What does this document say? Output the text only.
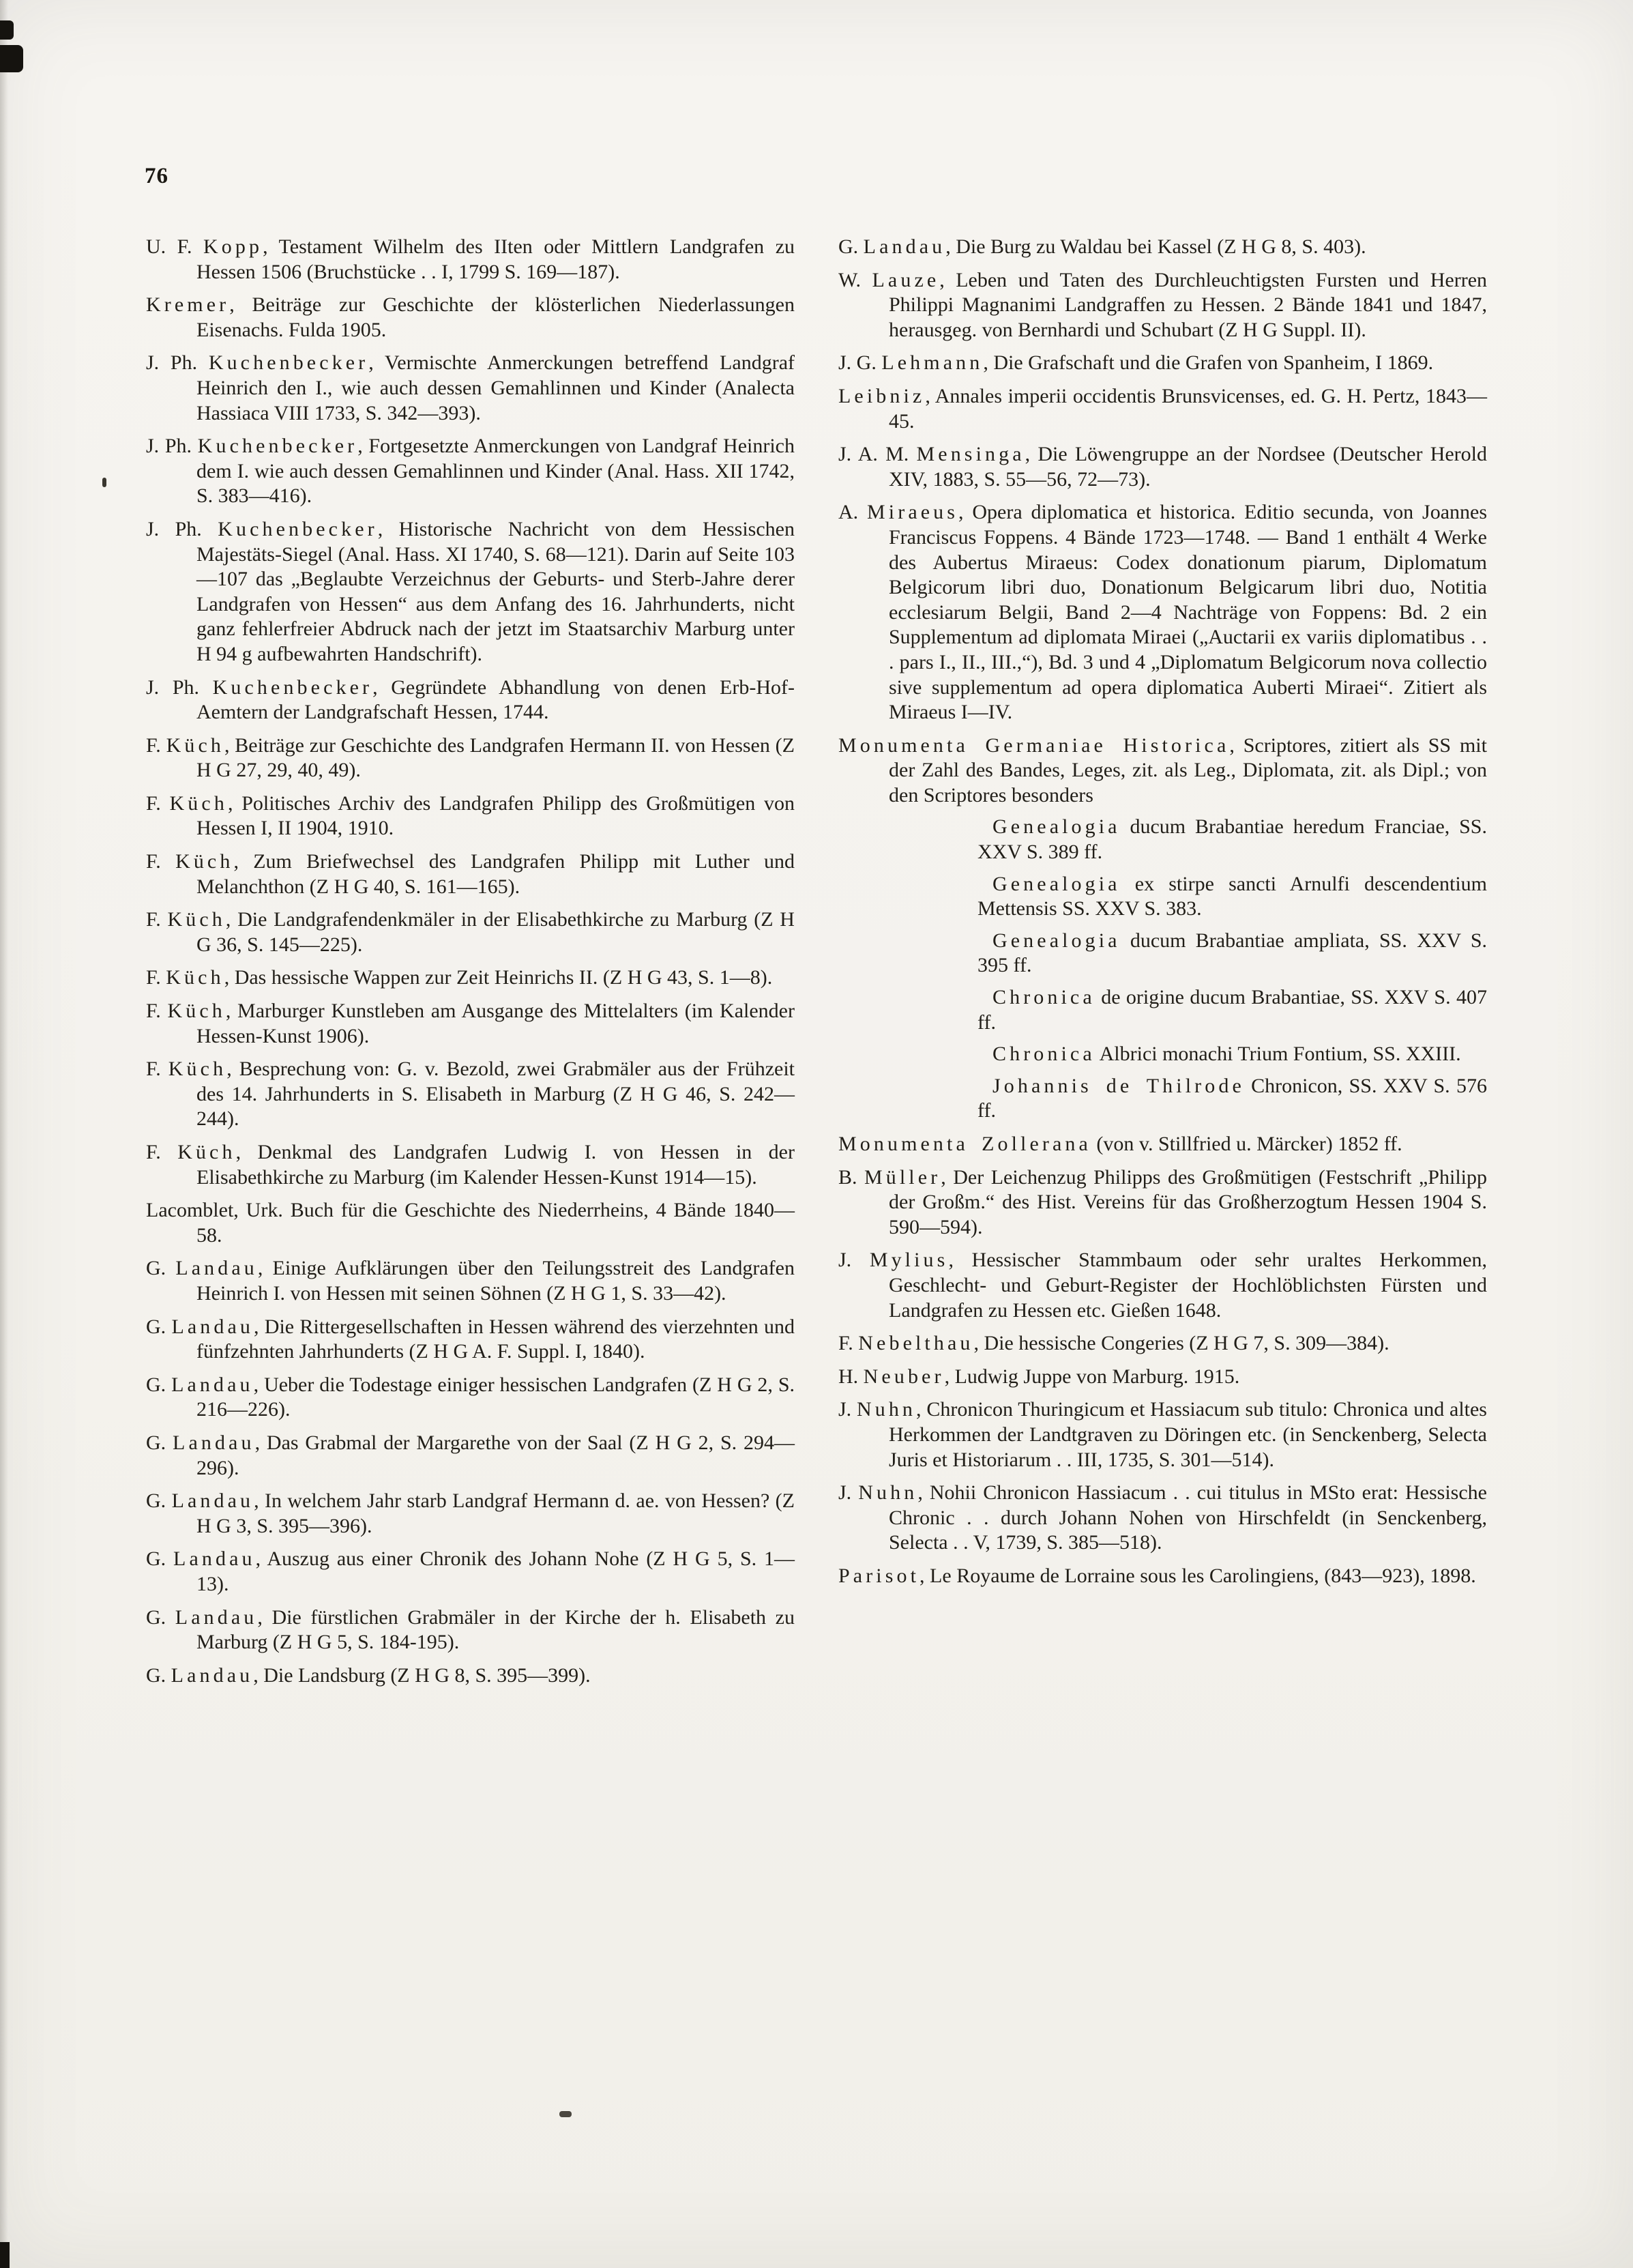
76
U. F. Kopp, Testament Wilhelm des IIten oder Mittlern Landgrafen zu Hessen 1506 (Bruchstücke . . I, 1799 S. 169—187).
Kremer, Beiträge zur Geschichte der klösterlichen Niederlassungen Eisenachs. Fulda 1905.
J. Ph. Kuchenbecker, Vermischte Anmerckungen betreffend Landgraf Heinrich den I., wie auch dessen Gemahlinnen und Kinder (Analecta Hassiaca VIII 1733, S. 342—393).
J. Ph. Kuchenbecker, Fortgesetzte Anmerckungen von Landgraf Heinrich dem I. wie auch dessen Gemahlinnen und Kinder (Anal. Hass. XII 1742, S. 383—416).
J. Ph. Kuchenbecker, Historische Nachricht von dem Hessischen Majestäts-Siegel (Anal. Hass. XI 1740, S. 68—121). Darin auf Seite 103—107 das „Beglaubte Verzeichnus der Geburts- und Sterb-Jahre derer Landgrafen von Hessen“ aus dem Anfang des 16. Jahrhunderts, nicht ganz fehlerfreier Abdruck nach der jetzt im Staatsarchiv Marburg unter H 94 g aufbewahrten Handschrift).
J. Ph. Kuchenbecker, Gegründete Abhandlung von denen Erb-Hof-Aemtern der Landgrafschaft Hessen, 1744.
F. Küch, Beiträge zur Geschichte des Landgrafen Hermann II. von Hessen (Z H G 27, 29, 40, 49).
F. Küch, Politisches Archiv des Landgrafen Philipp des Großmütigen von Hessen I, II 1904, 1910.
F. Küch, Zum Briefwechsel des Landgrafen Philipp mit Luther und Melanchthon (Z H G 40, S. 161—165).
F. Küch, Die Landgrafendenkmäler in der Elisabethkirche zu Marburg (Z H G 36, S. 145—225).
F. Küch, Das hessische Wappen zur Zeit Heinrichs II. (Z H G 43, S. 1—8).
F. Küch, Marburger Kunstleben am Ausgange des Mittelalters (im Kalender Hessen-Kunst 1906).
F. Küch, Besprechung von: G. v. Bezold, zwei Grabmäler aus der Frühzeit des 14. Jahrhunderts in S. Elisabeth in Marburg (Z H G 46, S. 242—244).
F. Küch, Denkmal des Landgrafen Ludwig I. von Hessen in der Elisabethkirche zu Marburg (im Kalender Hessen-Kunst 1914—15).
Lacomblet, Urk. Buch für die Geschichte des Niederrheins, 4 Bände 1840—58.
G. Landau, Einige Aufklärungen über den Teilungsstreit des Landgrafen Heinrich I. von Hessen mit seinen Söhnen (Z H G 1, S. 33—42).
G. Landau, Die Rittergesellschaften in Hessen während des vierzehnten und fünfzehnten Jahrhunderts (Z H G A. F. Suppl. I, 1840).
G. Landau, Ueber die Todestage einiger hessischen Landgrafen (Z H G 2, S. 216—226).
G. Landau, Das Grabmal der Margarethe von der Saal (Z H G 2, S. 294—296).
G. Landau, In welchem Jahr starb Landgraf Hermann d. ae. von Hessen? (Z H G 3, S. 395—396).
G. Landau, Auszug aus einer Chronik des Johann Nohe (Z H G 5, S. 1—13).
G. Landau, Die fürstlichen Grabmäler in der Kirche der h. Elisabeth zu Marburg (Z H G 5, S. 184-195).
G. Landau, Die Landsburg (Z H G 8, S. 395—399).
G. Landau, Die Burg zu Waldau bei Kassel (Z H G 8, S. 403).
W. Lauze, Leben und Taten des Durchleuchtigsten Fursten und Herren Philippi Magnanimi Landgraffen zu Hessen. 2 Bände 1841 und 1847, herausgeg. von Bernhardi und Schubart (Z H G Suppl. II).
J. G. Lehmann, Die Grafschaft und die Grafen von Spanheim, I 1869.
Leibniz, Annales imperii occidentis Brunsvicenses, ed. G. H. Pertz, 1843—45.
J. A. M. Mensinga, Die Löwengruppe an der Nordsee (Deutscher Herold XIV, 1883, S. 55—56, 72—73).
A. Miraeus, Opera diplomatica et historica. Editio secunda, von Joannes Franciscus Foppens. 4 Bände 1723—1748. — Band 1 enthält 4 Werke des Aubertus Miraeus: Codex donationum piarum, Diplomatum Belgicorum libri duo, Donationum Belgicarum libri duo, Notitia ecclesiarum Belgii, Band 2—4 Nachträge von Foppens: Bd. 2 ein Supplementum ad diplomata Miraei („Auctarii ex variis diplomatibus . . . pars I., II., III.,“), Bd. 3 und 4 „Diplomatum Belgicorum nova collectio sive supplementum ad opera diplomatica Auberti Miraei“. Zitiert als Miraeus I—IV.
Monumenta Germaniae Historica, Scriptores, zitiert als SS mit der Zahl des Bandes, Leges, zit. als Leg., Diplomata, zit. als Dipl.; von den Scriptores besonders
Genealogia ducum Brabantiae heredum Franciae, SS. XXV S. 389 ff.
Genealogia ex stirpe sancti Arnulfi descendentium Mettensis SS. XXV S. 383.
Genealogia ducum Brabantiae ampliata, SS. XXV S. 395 ff.
Chronica de origine ducum Brabantiae, SS. XXV S. 407 ff.
Chronica Albrici monachi Trium Fontium, SS. XXIII.
Johannis de Thilrode Chronicon, SS. XXV S. 576 ff.
Monumenta Zollerana (von v. Stillfried u. Märcker) 1852 ff.
B. Müller, Der Leichenzug Philipps des Großmütigen (Festschrift „Philipp der Großm.“ des Hist. Vereins für das Großherzogtum Hessen 1904 S. 590—594).
J. Mylius, Hessischer Stammbaum oder sehr uraltes Herkommen, Geschlecht- und Geburt-Register der Hochlöblichsten Fürsten und Landgrafen zu Hessen etc. Gießen 1648.
F. Nebelthau, Die hessische Congeries (Z H G 7, S. 309—384).
H. Neuber, Ludwig Juppe von Marburg. 1915.
J. Nuhn, Chronicon Thuringicum et Hassiacum sub titulo: Chronica und altes Herkommen der Landtgraven zu Döringen etc. (in Senckenberg, Selecta Juris et Historiarum . . III, 1735, S. 301—514).
J. Nuhn, Nohii Chronicon Hassiacum . . cui titulus in MSto erat: Hessische Chronic . . durch Johann Nohen von Hirschfeldt (in Senckenberg, Selecta . . V, 1739, S. 385—518).
Parisot, Le Royaume de Lorraine sous les Carolingiens, (843—923), 1898.
